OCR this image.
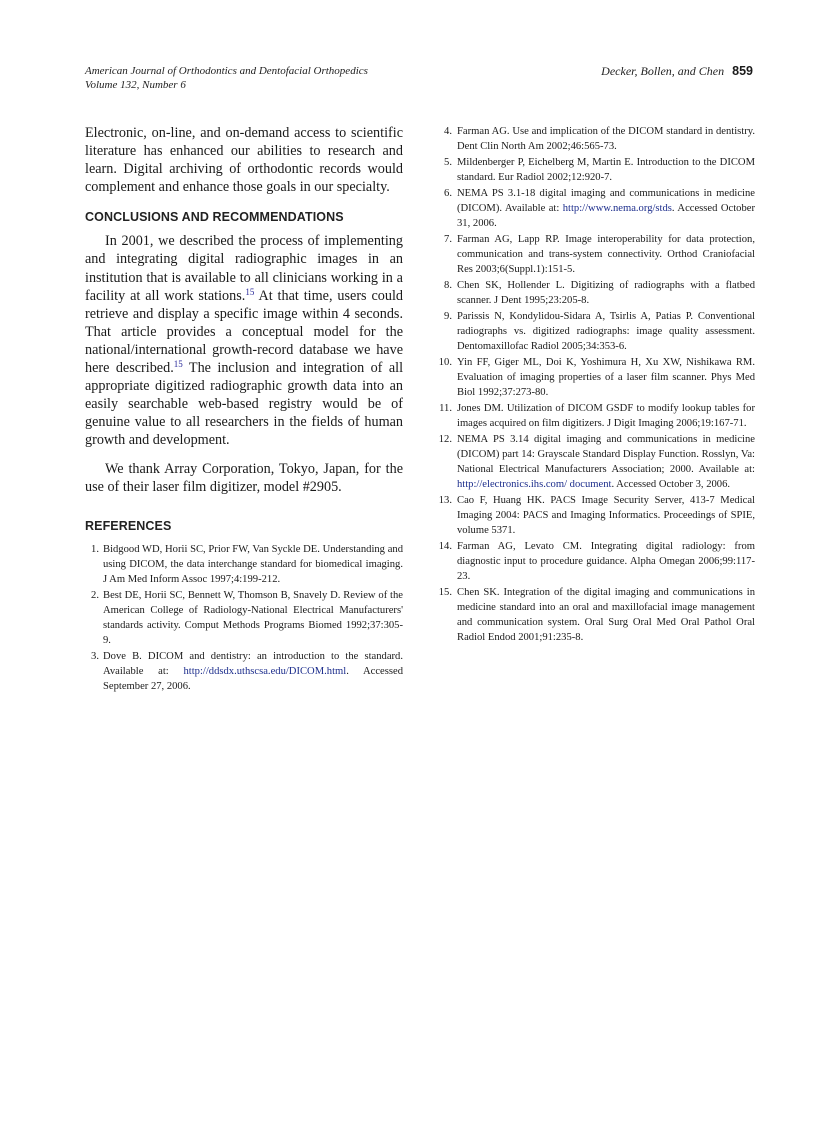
American Journal of Orthodontics and Dentofacial Orthopedics
Volume 132, Number 6
Decker, Bollen, and Chen 859

Electronic, on-line, and on-demand access to scientific literature has enhanced our abilities to research and learn. Digital archiving of orthodontic records would complement and enhance those goals in our specialty.

CONCLUSIONS AND RECOMMENDATIONS

In 2001, we described the process of implementing and integrating digital radiographic images in an institution that is available to all clinicians working in a facility at all work stations.$^{15}$ At that time, users could retrieve and display a specific image within 4 seconds. That article provides a conceptual model for the national/international growth-record database we have here described.$^{15}$ The inclusion and integration of all appropriate digitized radiographic growth data into an easily searchable web-based registry would be of genuine value to all researchers in the fields of human growth and development.

We thank Array Corporation, Tokyo, Japan, for the use of their laser film digitizer, model #2905.

REFERENCES
1. Bidgood WD, Horii SC, Prior FW, Van Syckle DE. Understanding and using DICOM, the data interchange standard for biomedical imaging. J Am Med Inform Assoc 1997;4:199-212.
2. Best DE, Horii SC, Bennett W, Thomson B, Snavely D. Review of the American College of Radiology-National Electrical Manufacturers' standards activity. Comput Methods Programs Biomed 1992;37:305-9.
3. Dove B. DICOM and dentistry: an introduction to the standard. Available at: http://ddsdx.uthscsa.edu/DICOM.html. Accessed September 27, 2006.
4. Farman AG. Use and implication of the DICOM standard in dentistry. Dent Clin North Am 2002;46:565-73.
5. Mildenberger P, Eichelberg M, Martin E. Introduction to the DICOM standard. Eur Radiol 2002;12:920-7.
6. NEMA PS 3.1-18 digital imaging and communications in medicine (DICOM). Available at: http://www.nema.org/stds. Accessed October 31, 2006.
7. Farman AG, Lapp RP. Image interoperability for data protection, communication and trans-system connectivity. Orthod Craniofacial Res 2003;6(Suppl.1):151-5.
8. Chen SK, Hollender L. Digitizing of radiographs with a flatbed scanner. J Dent 1995;23:205-8.
9. Parissis N, Kondylidou-Sidara A, Tsirlis A, Patias P. Conventional radiographs vs. digitized radiographs: image quality assessment. Dentomaxillofac Radiol 2005;34:353-6.
10. Yin FF, Giger ML, Doi K, Yoshimura H, Xu XW, Nishikawa RM. Evaluation of imaging properties of a laser film scanner. Phys Med Biol 1992;37:273-80.
11. Jones DM. Utilization of DICOM GSDF to modify lookup tables for images acquired on film digitizers. J Digit Imaging 2006;19:167-71.
12. NEMA PS 3.14 digital imaging and communications in medicine (DICOM) part 14: Grayscale Standard Display Function. Rosslyn, Va: National Electrical Manufacturers Association; 2000. Available at: http://electronics.ihs.com/ document. Accessed October 3, 2006.
13. Cao F, Huang HK. PACS Image Security Server, 413-7 Medical Imaging 2004: PACS and Imaging Informatics. Proceedings of SPIE, volume 5371.
14. Farman AG, Levato CM. Integrating digital radiology: from diagnostic input to procedure guidance. Alpha Omegan 2006;99:117-23.
15. Chen SK. Integration of the digital imaging and communications in medicine standard into an oral and maxillofacial image management and communication system. Oral Surg Oral Med Oral Pathol Oral Radiol Endod 2001;91:235-8.
